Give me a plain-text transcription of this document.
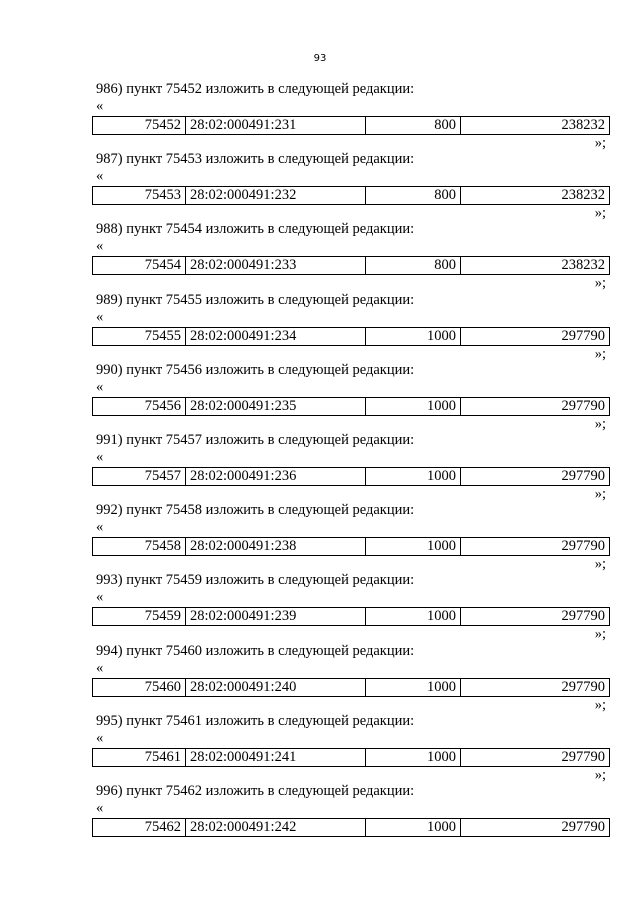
93
986) пункт 75452 изложить в следующей редакции:
«
75452 28:02:000491:231	800	238232
»;
987) пункт 75453 изложить в следующей редакции:
«
75453 28:02:000491:232	800	238232
»;
988) пункт 75454 изложить в следующей редакции:
«
75454 28:02:000491:233	800	238232
»;
989) пункт 75455 изложить в следующей редакции:
«
75455 28:02:000491:234	1000	297790
»;
990) пункт 75456 изложить в следующей редакции:
«
75456 28:02:000491:235	1000	297790
»;
991) пункт 75457 изложить в следующей редакции:
«
75457 28:02:000491:236	1000	297790
»;
992) пункт 75458 изложить в следующей редакции:
«
75458 28:02:000491:238	1000	297790
»;
993) пункт 75459 изложить в следующей редакции:
«
75459 28:02:000491:239	1000	297790
»;
994) пункт 75460 изложить в следующей редакции:
«
75460 28:02:000491:240	1000	297790
»;
995) пункт 75461 изложить в следующей редакции:
«
75461 28:02:000491:241	1000	297790
»;
996) пункт 75462 изложить в следующей редакции:
«
75462 28:02:000491:242	1000	297790
